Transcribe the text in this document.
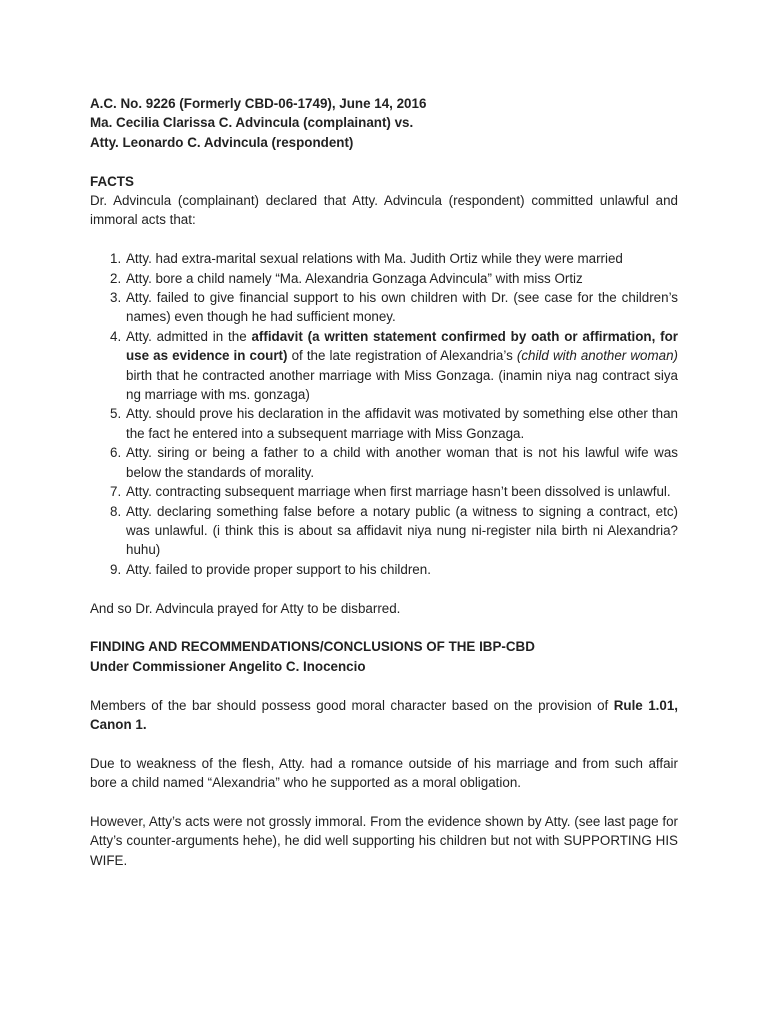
A.C. No. 9226 (Formerly CBD-06-1749), June 14, 2016

Ma. Cecilia Clarissa C. Advincula (complainant) vs.

Atty. Leonardo C. Advincula (respondent)

FACTS

Dr. Advincula (complainant) declared that Atty. Advincula (respondent) committed unlawful and immoral acts that:

1. Atty. had extra-marital sexual relations with Ma. Judith Ortiz while they were married
2. Atty. bore a child namely “Ma. Alexandria Gonzaga Advincula” with miss Ortiz
3. Atty. failed to give financial support to his own children with Dr. (see case for the children’s names) even though he had sufficient money.
4. Atty. admitted in the affidavit (a written statement confirmed by oath or affirmation, for use as evidence in court) of the late registration of Alexandria’s (child with another woman) birth that he contracted another marriage with Miss Gonzaga. (inamin niya nag contract siya ng marriage with ms. gonzaga)
5. Atty. should prove his declaration in the affidavit was motivated by something else other than the fact he entered into a subsequent marriage with Miss Gonzaga.
6. Atty. siring or being a father to a child with another woman that is not his lawful wife was below the standards of morality.
7. Atty. contracting subsequent marriage when first marriage hasn’t been dissolved is unlawful.
8. Atty. declaring something false before a notary public (a witness to signing a contract, etc) was unlawful. (i think this is about sa affidavit niya nung ni-register nila birth ni Alexandria? huhu)
9. Atty. failed to provide proper support to his children.

And so Dr. Advincula prayed for Atty to be disbarred.

FINDING AND RECOMMENDATIONS/CONCLUSIONS OF THE IBP-CBD

Under Commissioner Angelito C. Inocencio

Members of the bar should possess good moral character based on the provision of Rule 1.01, Canon 1.

Due to weakness of the flesh, Atty. had a romance outside of his marriage and from such affair bore a child named “Alexandria” who he supported as a moral obligation.

However, Atty’s acts were not grossly immoral. From the evidence shown by Atty. (see last page for Atty’s counter-arguments hehe), he did well supporting his children but not with SUPPORTING HIS WIFE.
